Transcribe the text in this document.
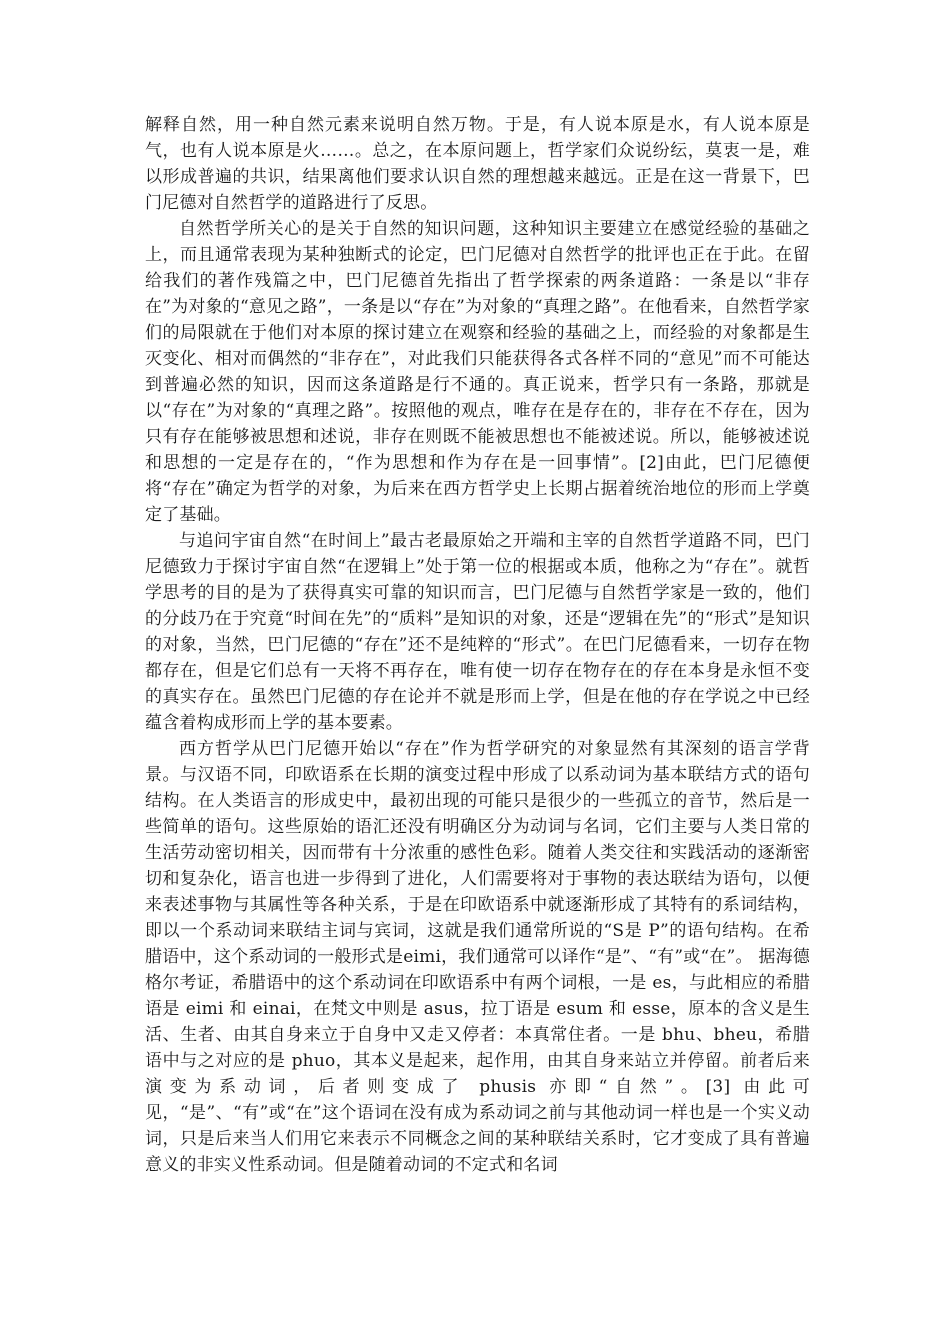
解释自然，用一种自然元素来说明自然万物。于是，有人说本原是水，有人说本原是气，也有人说本原是火……。总之，在本原问题上，哲学家们众说纷纭，莫衷一是，难以形成普遍的共识，结果离他们要求认识自然的理想越来越远。正是在这一背景下，巴门尼德对自然哲学的道路进行了反思。

自然哲学所关心的是关于自然的知识问题，这种知识主要建立在感觉经验的基础之上，而且通常表现为某种独断式的论定，巴门尼德对自然哲学的批评也正在于此。在留给我们的著作残篇之中，巴门尼德首先指出了哲学探索的两条道路：一条是以“非存在”为对象的“意见之路”，一条是以“存在”为对象的“真理之路”。在他看来，自然哲学家们的局限就在于他们对本原的探讨建立在观察和经验的基础之上，而经验的对象都是生灭变化、相对而偶然的“非存在”，对此我们只能获得各式各样不同的“意见”而不可能达到普遍必然的知识，因而这条道路是行不通的。真正说来，哲学只有一条路，那就是以“存在”为对象的“真理之路”。按照他的观点，唯存在是存在的，非存在不存在，因为只有存在能够被思想和述说，非存在则既不能被思想也不能被述说。所以，能够被述说和思想的一定是存在的，“作为思想和作为存在是一回事情”。[2]由此，巴门尼德便将“存在”确定为哲学的对象，为后来在西方哲学史上长期占据着统治地位的形而上学奠定了基础。

与追问宇宙自然“在时间上”最古老最原始之开端和主宰的自然哲学道路不同，巴门尼德致力于探讨宇宙自然“在逻辑上”处于第一位的根据或本质，他称之为“存在”。就哲学思考的目的是为了获得真实可靠的知识而言，巴门尼德与自然哲学家是一致的，他们的分歧乃在于究竟“时间在先”的“质料”是知识的对象，还是“逻辑在先”的“形式”是知识的对象，当然，巴门尼德的“存在”还不是纯粹的“形式”。在巴门尼德看来，一切存在物都存在，但是它们总有一天将不再存在，唯有使一切存在物存在的存在本身是永恒不变的真实存在。虽然巴门尼德的存在论并不就是形而上学，但是在他的存在学说之中已经蕴含着构成形而上学的基本要素。

西方哲学从巴门尼德开始以“存在”作为哲学研究的对象显然有其深刻的语言学背景。与汉语不同，印欧语系在长期的演变过程中形成了以系动词为基本联结方式的语句结构。在人类语言的形成史中，最初出现的可能只是很少的一些孤立的音节，然后是一些简单的语句。这些原始的语汇还没有明确区分为动词与名词，它们主要与人类日常的生活劳动密切相关，因而带有十分浓重的感性色彩。随着人类交往和实践活动的逐渐密切和复杂化，语言也进一步得到了进化，人们需要将对于事物的表达联结为语句，以便来表述事物与其属性等各种关系，于是在印欧语系中就逐渐形成了其特有的系词结构，即以一个系动词来联结主词与宾词，这就是我们通常所说的“S是 P”的语句结构。在希腊语中，这个系动词的一般形式是eimi，我们通常可以译作“是”、“有”或“在”。 据海德格尔考证，希腊语中的这个系动词在印欧语系中有两个词根，一是 es，与此相应的希腊语是 eimi 和 einai，在梵文中则是 asus，拉丁语是 esum 和 esse，原本的含义是生活、生者、由其自身来立于自身中又走又停者：本真常住者。一是 bhu、bheu，希腊语中与之对应的是 phuo，其本义是起来，起作用，由其自身来站立并停留。前者后来演变为系动词，后者则变成了 phusis 亦即“自然”。[3] 由此可见，“是”、“有”或“在”这个语词在没有成为系动词之前与其他动词一样也是一个实义动词，只是后来当人们用它来表示不同概念之间的某种联结关系时，它才变成了具有普遍意义的非实义性系动词。但是随着动词的不定式和名词
